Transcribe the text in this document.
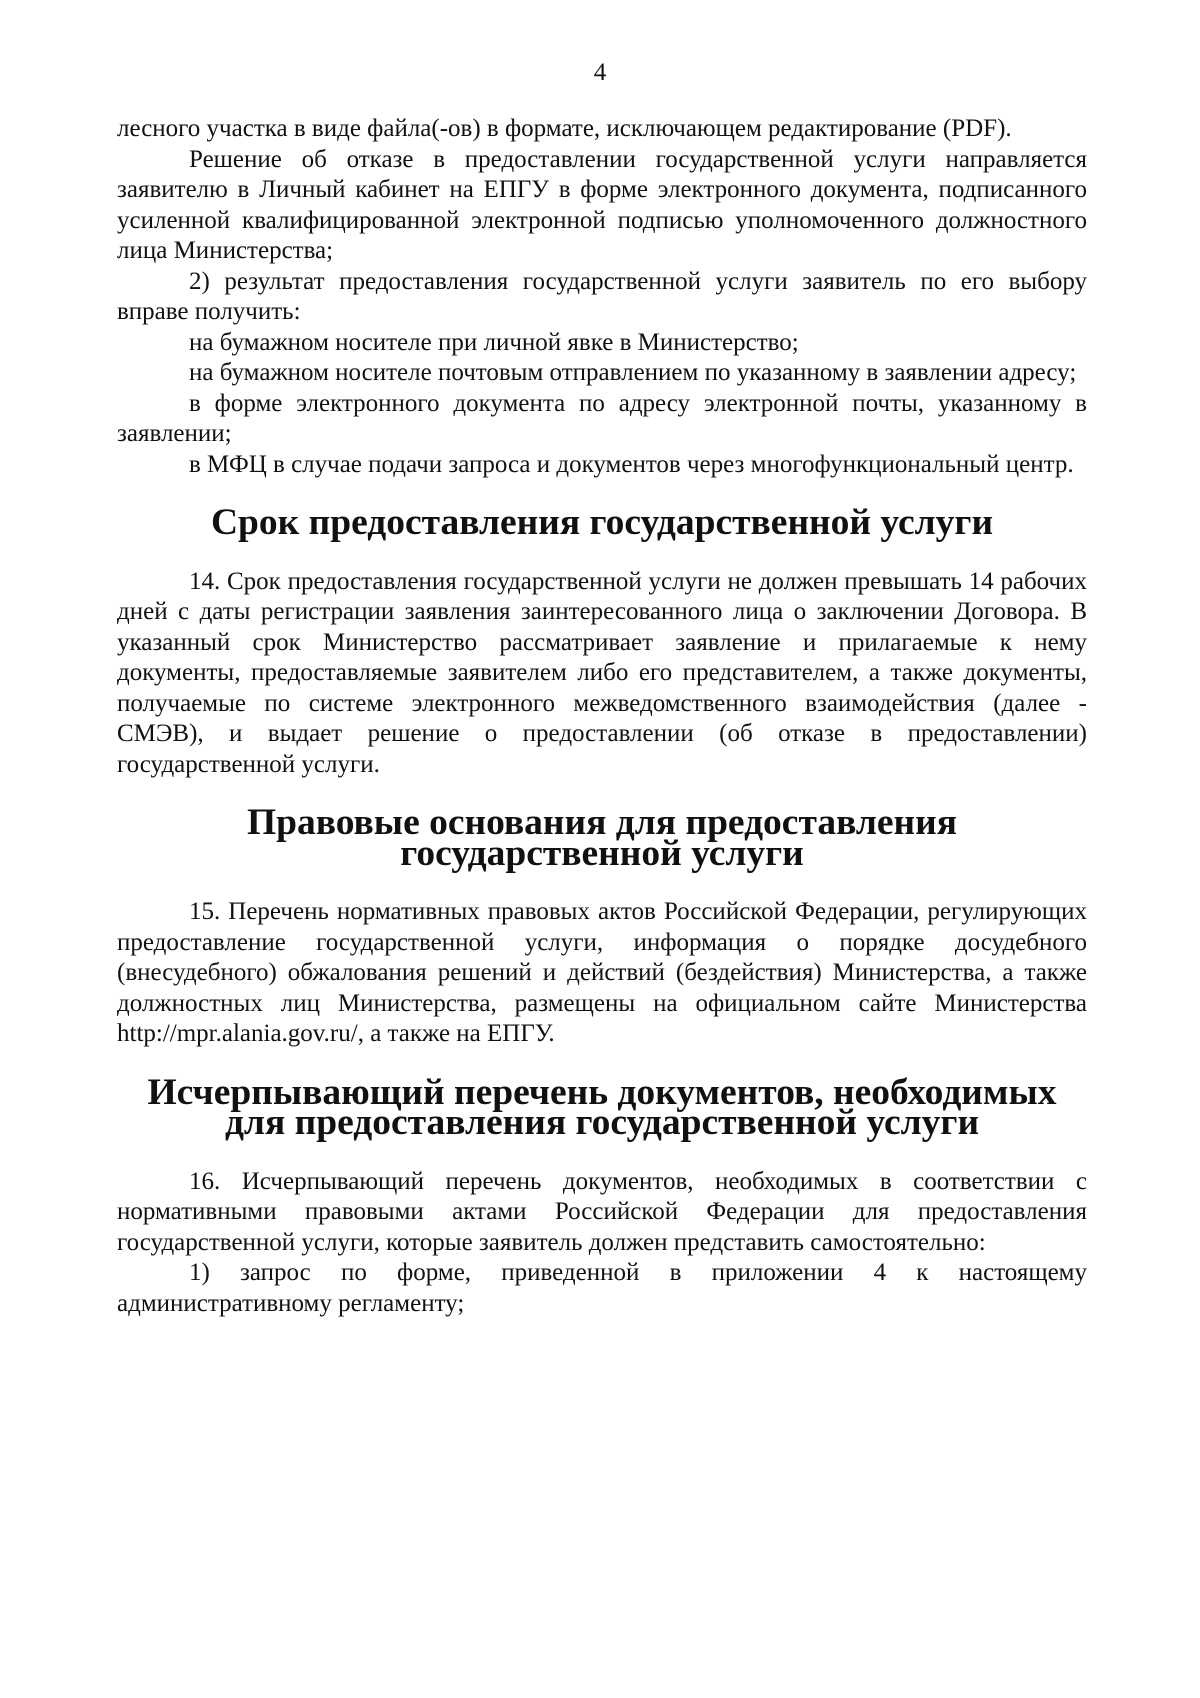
4

лесного участка в виде файла(-ов) в формате, исключающем редактирование (PDF).

Решение об отказе в предоставлении государственной услуги направляется заявителю в Личный кабинет на ЕПГУ в форме электронного документа, подписанного усиленной квалифицированной электронной подписью уполномоченного должностного лица Министерства;

2) результат предоставления государственной услуги заявитель по его выбору вправе получить:

на бумажном носителе при личной явке в Министерство;

на бумажном носителе почтовым отправлением по указанному в заявлении адресу;

в форме электронного документа по адресу электронной почты, указанному в заявлении;

в МФЦ в случае подачи запроса и документов через многофункциональный центр.

Срок предоставления государственной услуги

14. Срок предоставления государственной услуги не должен превышать 14 рабочих дней с даты регистрации заявления заинтересованного лица о заключении Договора. В указанный срок Министерство рассматривает заявление и прилагаемые к нему документы, предоставляемые заявителем либо его представителем, а также документы, получаемые по системе электронного межведомственного взаимодействия (далее - СМЭВ), и выдает решение о предоставлении (об отказе в предоставлении) государственной услуги.

Правовые основания для предоставления государственной услуги

15. Перечень нормативных правовых актов Российской Федерации, регулирующих предоставление государственной услуги, информация о порядке досудебного (внесудебного) обжалования решений и действий (бездействия) Министерства, а также должностных лиц Министерства, размещены на официальном сайте Министерства http://mpr.alania.gov.ru/, а также на ЕПГУ.

Исчерпывающий перечень документов, необходимых для предоставления государственной услуги

16. Исчерпывающий перечень документов, необходимых в соответствии с нормативными правовыми актами Российской Федерации для предоставления государственной услуги, которые заявитель должен представить самостоятельно:

1) запрос по форме, приведенной в приложении 4 к настоящему административному регламенту;
